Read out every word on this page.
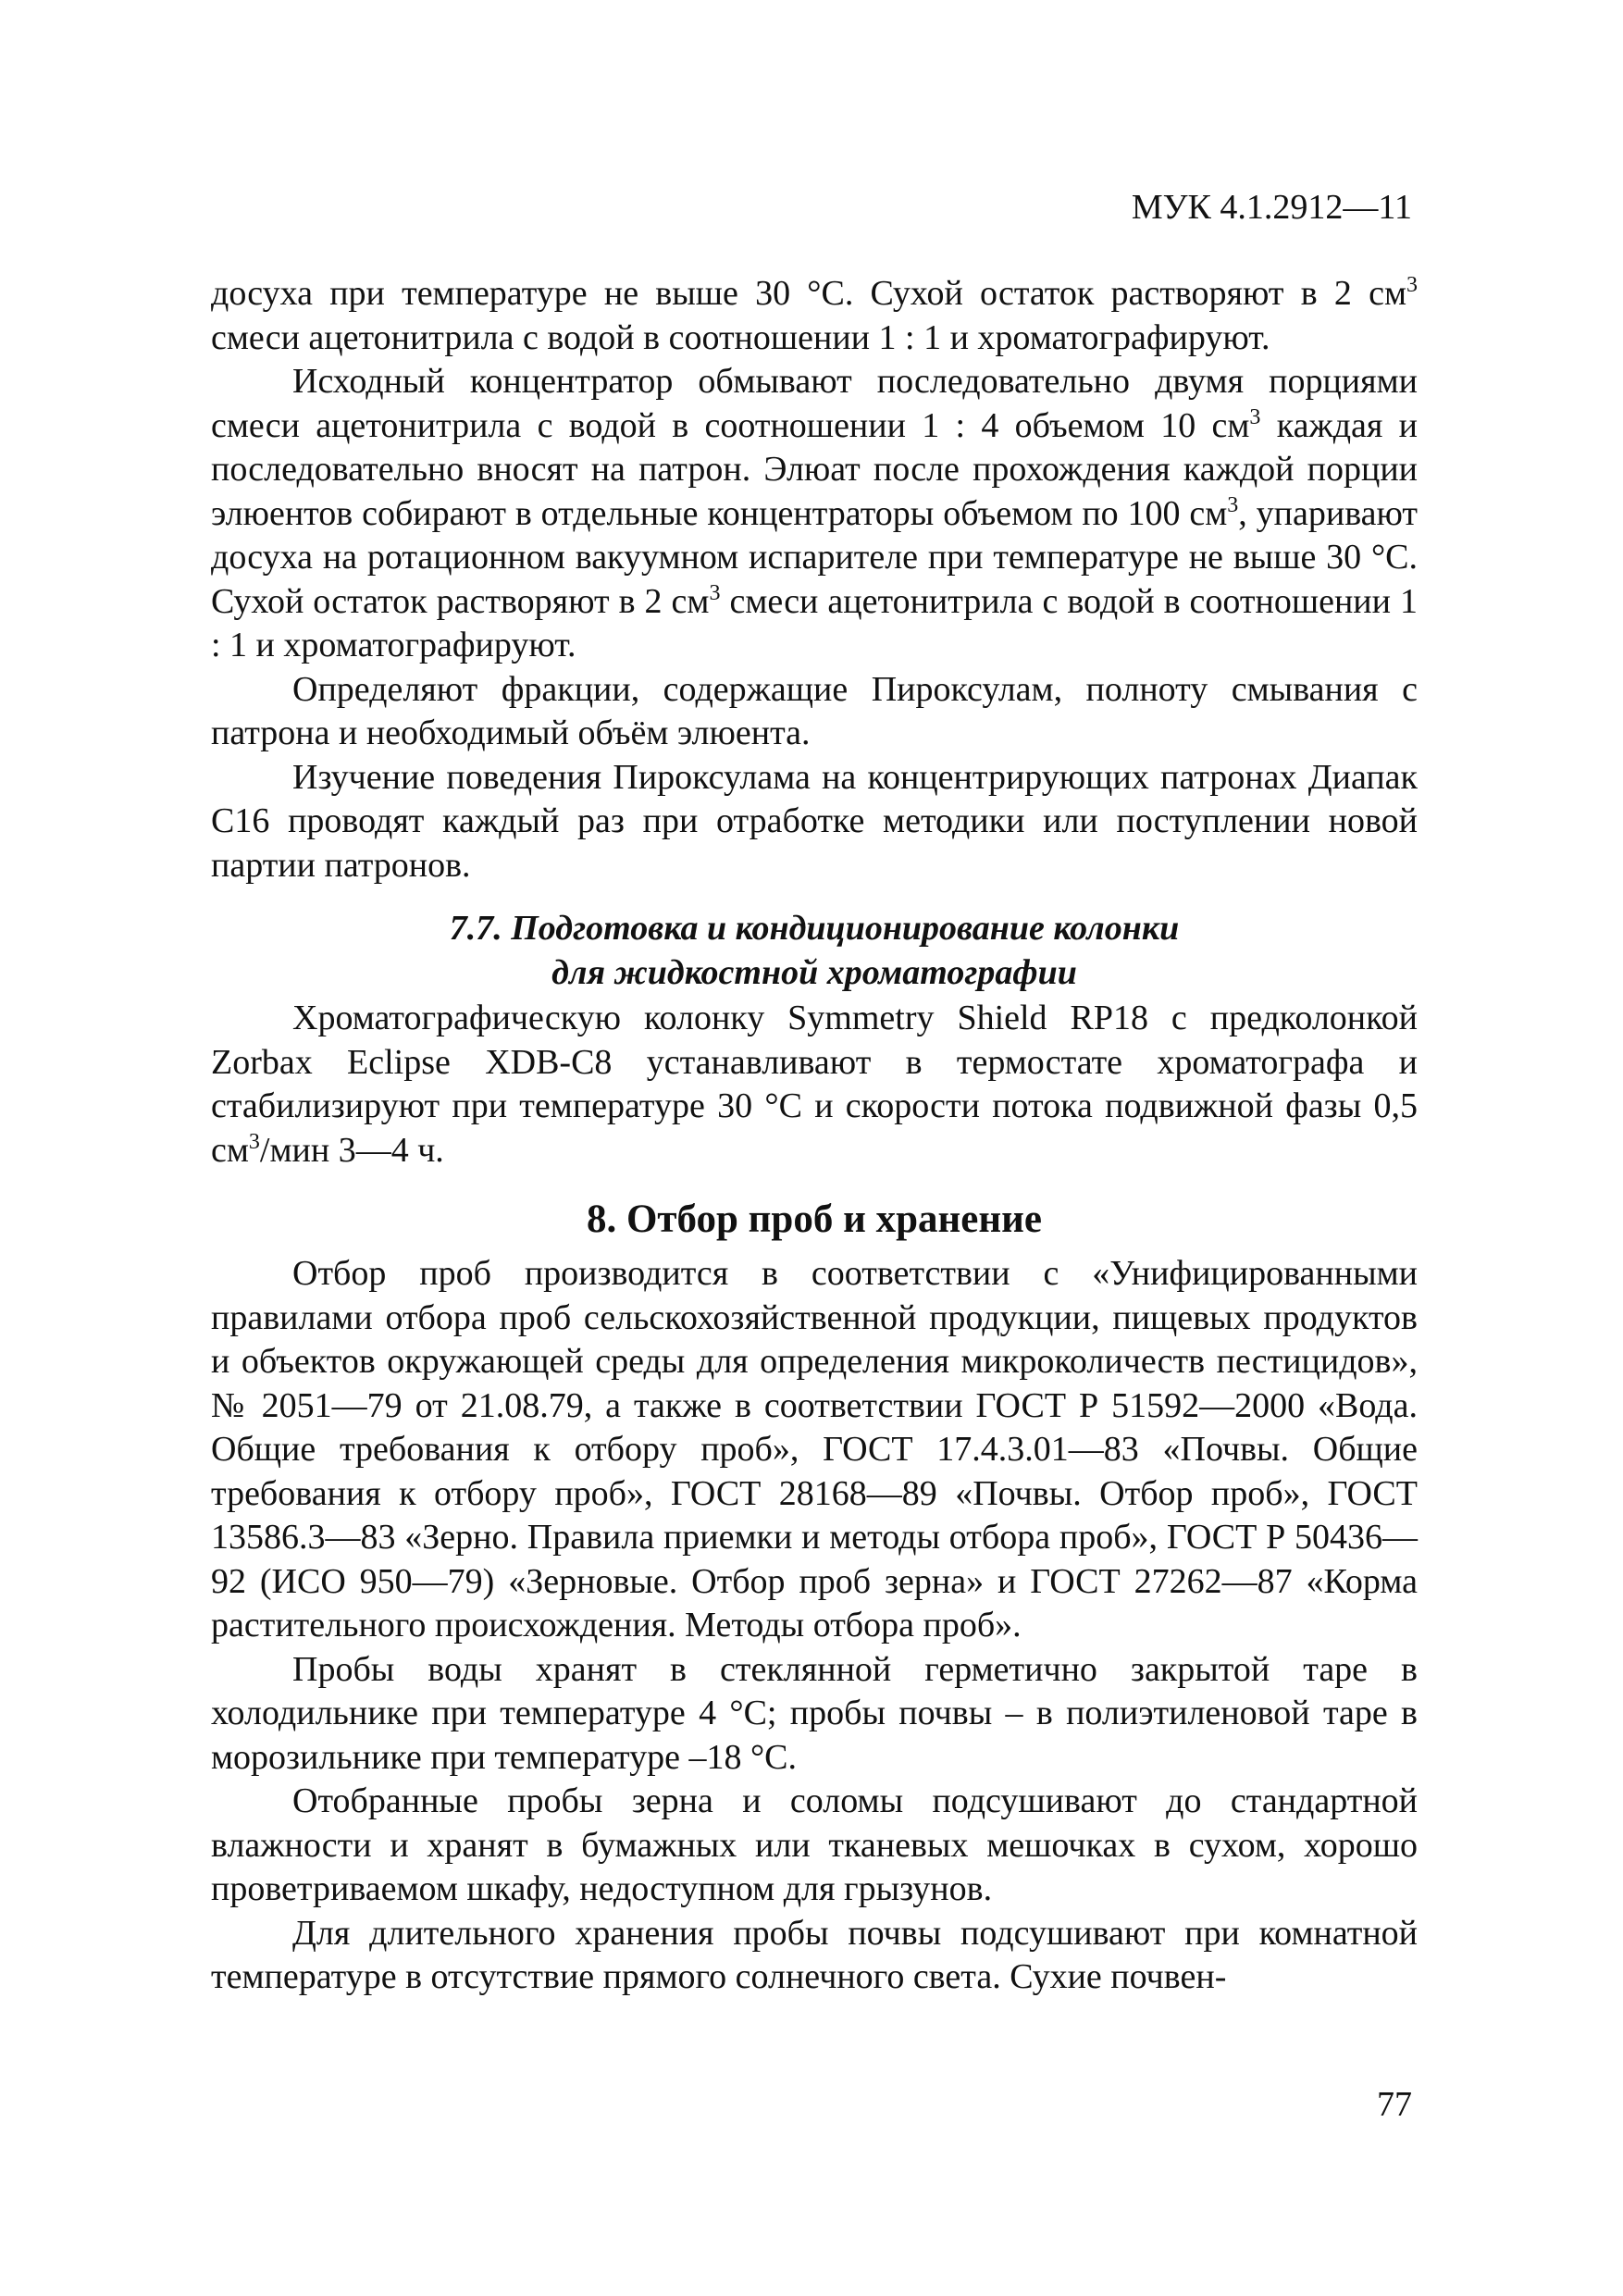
МУК 4.1.2912—11

досуха при температуре не выше 30 °С. Сухой остаток растворяют в 2 $см^3$ смеси ацетонитрила с водой в соотношении 1 : 1 и хроматографируют.

Исходный концентратор обмывают последовательно двумя порциями смеси ацетонитрила с водой в соотношении 1 : 4 объемом 10 $см^3$ каждая и последовательно вносят на патрон. Элюат после прохождения каждой порции элюентов собирают в отдельные концентраторы объемом по 100 $см^3$, упаривают досуха на ротационном вакуумном испарителе при температуре не выше 30 °С. Сухой остаток растворяют в 2 $см^3$ смеси ацетонитрила с водой в соотношении 1 : 1 и хроматографируют.

Определяют фракции, содержащие Пироксулам, полноту смывания с патрона и необходимый объём элюента.

Изучение поведения Пироксулама на концентрирующих патронах Диапак С16 проводят каждый раз при отработке методики или поступлении новой партии патронов.

7.7. Подготовка и кондиционирование колонки
для жидкостной хроматографии

Хроматографическую колонку Symmetry Shield RP18 с предколонкой Zorbax Eclipse XDB-C8 устанавливают в термостате хроматографа и стабилизируют при температуре 30 °С и скорости потока подвижной фазы 0,5 $см^3$/мин 3—4 ч.

8. Отбор проб и хранение

Отбор проб производится в соответствии с «Унифицированными правилами отбора проб сельскохозяйственной продукции, пищевых продуктов и объектов окружающей среды для определения микроколичеств пестицидов», № 2051—79 от 21.08.79, а также в соответствии ГОСТ Р 51592—2000 «Вода. Общие требования к отбору проб», ГОСТ 17.4.3.01—83 «Почвы. Общие требования к отбору проб», ГОСТ 28168—89 «Почвы. Отбор проб», ГОСТ 13586.3—83 «Зерно. Правила приемки и методы отбора проб», ГОСТ Р 50436—92 (ИСО 950—79) «Зерновые. Отбор проб зерна» и ГОСТ 27262—87 «Корма растительного происхождения. Методы отбора проб».

Пробы воды хранят в стеклянной герметично закрытой таре в холодильнике при температуре 4 °С; пробы почвы – в полиэтиленовой таре в морозильнике при температуре –18 °С.

Отобранные пробы зерна и соломы подсушивают до стандартной влажности и хранят в бумажных или тканевых мешочках в сухом, хорошо проветриваемом шкафу, недоступном для грызунов.

Для длительного хранения пробы почвы подсушивают при комнатной температуре в отсутствие прямого солнечного света. Сухие почвен-

77
